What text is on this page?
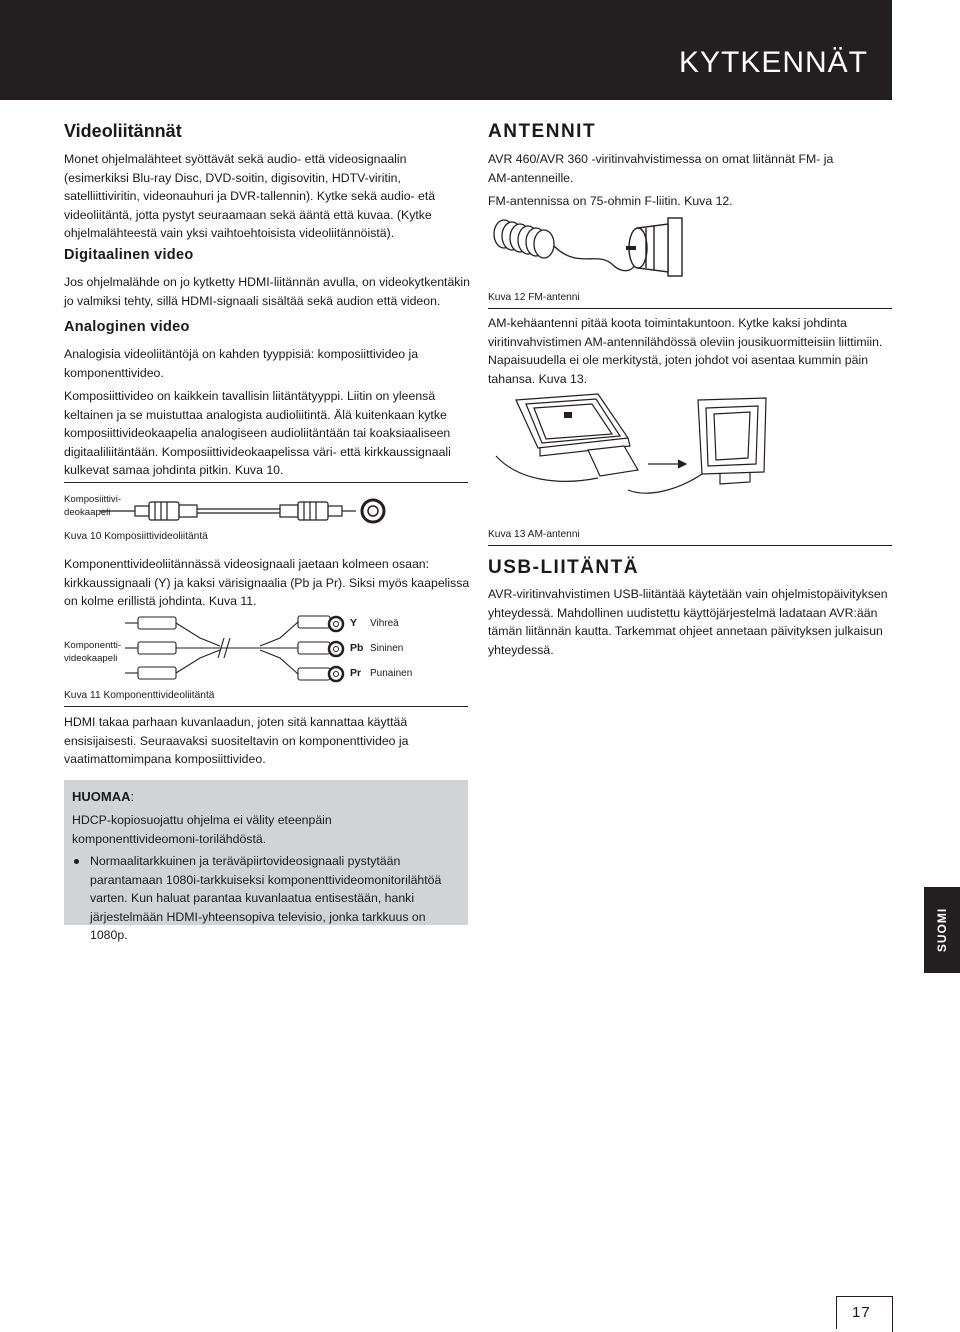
KYTKENNÄT
Videoliitännät

Monet ohjelmalähteet syöttävät sekä audio- että videosignaalin (esimerkiksi Blu-ray Disc, DVD-soitin, digisovitin, HDTV-viritin, satelliittiviritin, videonauhuri ja DVR-tallennin). Kytke sekä audio- etä videoliitäntä, jotta pystyt seuraamaan sekä ääntä että kuvaa. (Kytke ohjelmalähteestä vain yksi vaihtoehtoisista videoliitännöistä).

Digitaalinen video

Jos ohjelmalähde on jo kytketty HDMI-liitännän avulla, on videokytkentäkin jo valmiksi tehty, sillä HDMI-signaali sisältää sekä audion että videon.

Analoginen video

Analogisia videoliitäntöjä on kahden tyyppisiä: komposiittivideo ja komponenttivideo.

Komposiittivideo on kaikkein tavallisin liitäntätyyppi. Liitin on yleensä keltainen ja se muistuttaa analogista audioliitintä. Älä kuitenkaan kytke komposiittivideokaapelia analogiseen audioliitäntään tai koaksiaaliseen digitaaliliitäntään. Komposiittivideokaapelissa väri- että kirkkaussignaali kulkevat samaa johdinta pitkin. Kuva 10.

Komposiittivi-
deokaapeli

Kuva 10 Komposiittivideoliitäntä

Komponenttivideoliitännässä videosignaali jaetaan kolmeen osaan: kirkkaussignaali (Y) ja kaksi värisignaalia (Pb ja Pr). Siksi myös kaapelissa on kolme erillistä johdinta. Kuva 11.

Komponentti-
videokaapeli
Y Vihreä
Pb Sininen
Pr Punainen

Kuva 11 Komponenttivideoliitäntä

HDMI takaa parhaan kuvanlaadun, joten sitä kannattaa käyttää ensisijaisesti. Seuraavaksi suositeltavin on komponenttivideo ja vaatimattomimpana komposiittivideo.

HUOMAA:

HDCP-kopiosuojattu ohjelma ei välity eteenpäin komponenttivideomoni-torilähdöstä.

Normaalitarkkuinen ja teräväpiirtovideosignaali pystytään parantamaan 1080i-tarkkuiseksi komponenttivideomonitorilähtöä varten. Kun haluat parantaa kuvanlaatua entisestään, hanki järjestelmään HDMI-yhteensopiva televisio, jonka tarkkuus on 1080p.
ANTENNIT

AVR 460/AVR 360 -viritinvahvistimessa on omat liitännät FM- ja AM-antenneille.

FM-antennissa on 75-ohmin F-liitin. Kuva 12.

Kuva 12 FM-antenni

AM-kehäantenni pitää koota toimintakuntoon. Kytke kaksi johdinta viritinvahvistimen AM-antennilähdössä oleviin jousikuormitteisiin liittimiin. Napaisuudella ei ole merkitystä, joten johdot voi asentaa kummin päin tahansa. Kuva 13.

Kuva 13 AM-antenni

USB-LIITÄNTÄ

AVR-viritinvahvistimen USB-liitäntää käytetään vain ohjelmistopäivityksen yhteydessä. Mahdollinen uudistettu käyttöjärjestelmä ladataan AVR:ään tämän liitännän kautta. Tarkemmat ohjeet annetaan päivityksen julkaisun yhteydessä.

SUOMI
17
